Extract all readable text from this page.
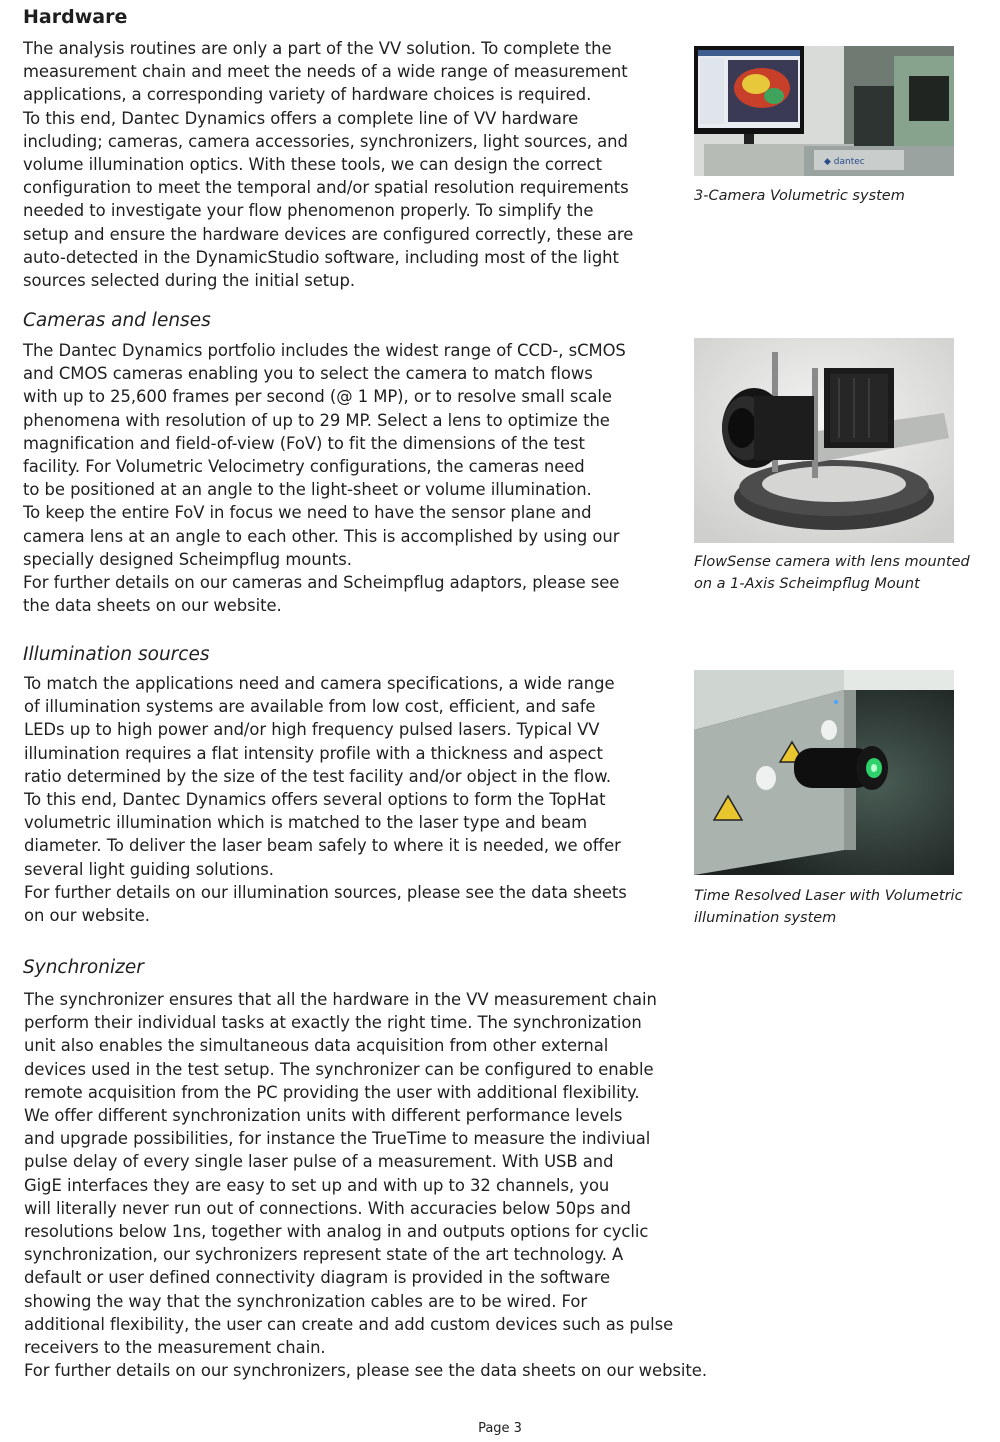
Hardware
The analysis routines are only a part of the VV solution. To complete the
measurement chain and meet the needs of a wide range of measurement
applications, a corresponding variety of hardware choices is required.
To this end, Dantec Dynamics offers a complete line of VV hardware
including; cameras, camera accessories, synchronizers, light sources, and
volume illumination optics. With these tools, we can design the correct
configuration to meet the temporal and/or spatial resolution requirements
needed to investigate your flow phenomenon properly. To simplify the
setup and ensure the hardware devices are configured correctly, these are
auto-detected in the DynamicStudio software, including most of the light
sources selected during the initial setup.
◆ dantec
3-Camera Volumetric system
Cameras and lenses
The Dantec Dynamics portfolio includes the widest range of CCD-, sCMOS
and CMOS cameras enabling you to select the camera to match flows
with up to 25,600 frames per second (@ 1 MP), or to resolve small scale
phenomena with resolution of up to 29 MP. Select a lens to optimize the
magnification and field-of-view (FoV) to fit the dimensions of the test
facility. For Volumetric Velocimetry configurations, the cameras need
to be positioned at an angle to the light-sheet or volume illumination.
To keep the entire FoV in focus we need to have the sensor plane and
camera lens at an angle to each other. This is accomplished by using our
specially designed Scheimpflug mounts.
For further details on our cameras and Scheimpflug adaptors, please see
the data sheets on our website.
FlowSense camera with lens mounted
on a 1-Axis Scheimpflug Mount
Illumination sources
To match the applications need and camera specifications, a wide range
of illumination systems are available from low cost, efficient, and safe
LEDs up to high power and/or high frequency pulsed lasers. Typical VV
illumination requires a flat intensity profile with a thickness and aspect
ratio determined by the size of the test facility and/or object in the flow.
To this end, Dantec Dynamics offers several options to form the TopHat
volumetric illumination which is matched to the laser type and beam
diameter. To deliver the laser beam safely to where it is needed, we offer
several light guiding solutions.
For further details on our illumination sources, please see the data sheets
on our website.
Time Resolved Laser with Volumetric
illumination system
Synchronizer
The synchronizer ensures that all the hardware in the VV measurement chain
perform their individual tasks at exactly the right time. The synchronization
unit also enables the simultaneous data acquisition from other external
devices used in the test setup. The synchronizer can be configured to enable
remote acquisition from the PC providing the user with additional flexibility.
We offer different synchronization units with different performance levels
and upgrade possibilities, for instance the TrueTime to measure the indiviual
pulse delay of every single laser pulse of a measurement. With USB and
GigE interfaces they are easy to set up and with up to 32 channels, you
will literally never run out of connections. With accuracies below 50ps and
resolutions below 1ns, together with analog in and outputs options for cyclic
synchronization, our sychronizers represent state of the art technology. A
default or user defined connectivity diagram is provided in the software
showing the way that the synchronization cables are to be wired. For
additional flexibility, the user can create and add custom devices such as pulse
receivers to the measurement chain.
For further details on our synchronizers, please see the data sheets on our website.
Page 3
